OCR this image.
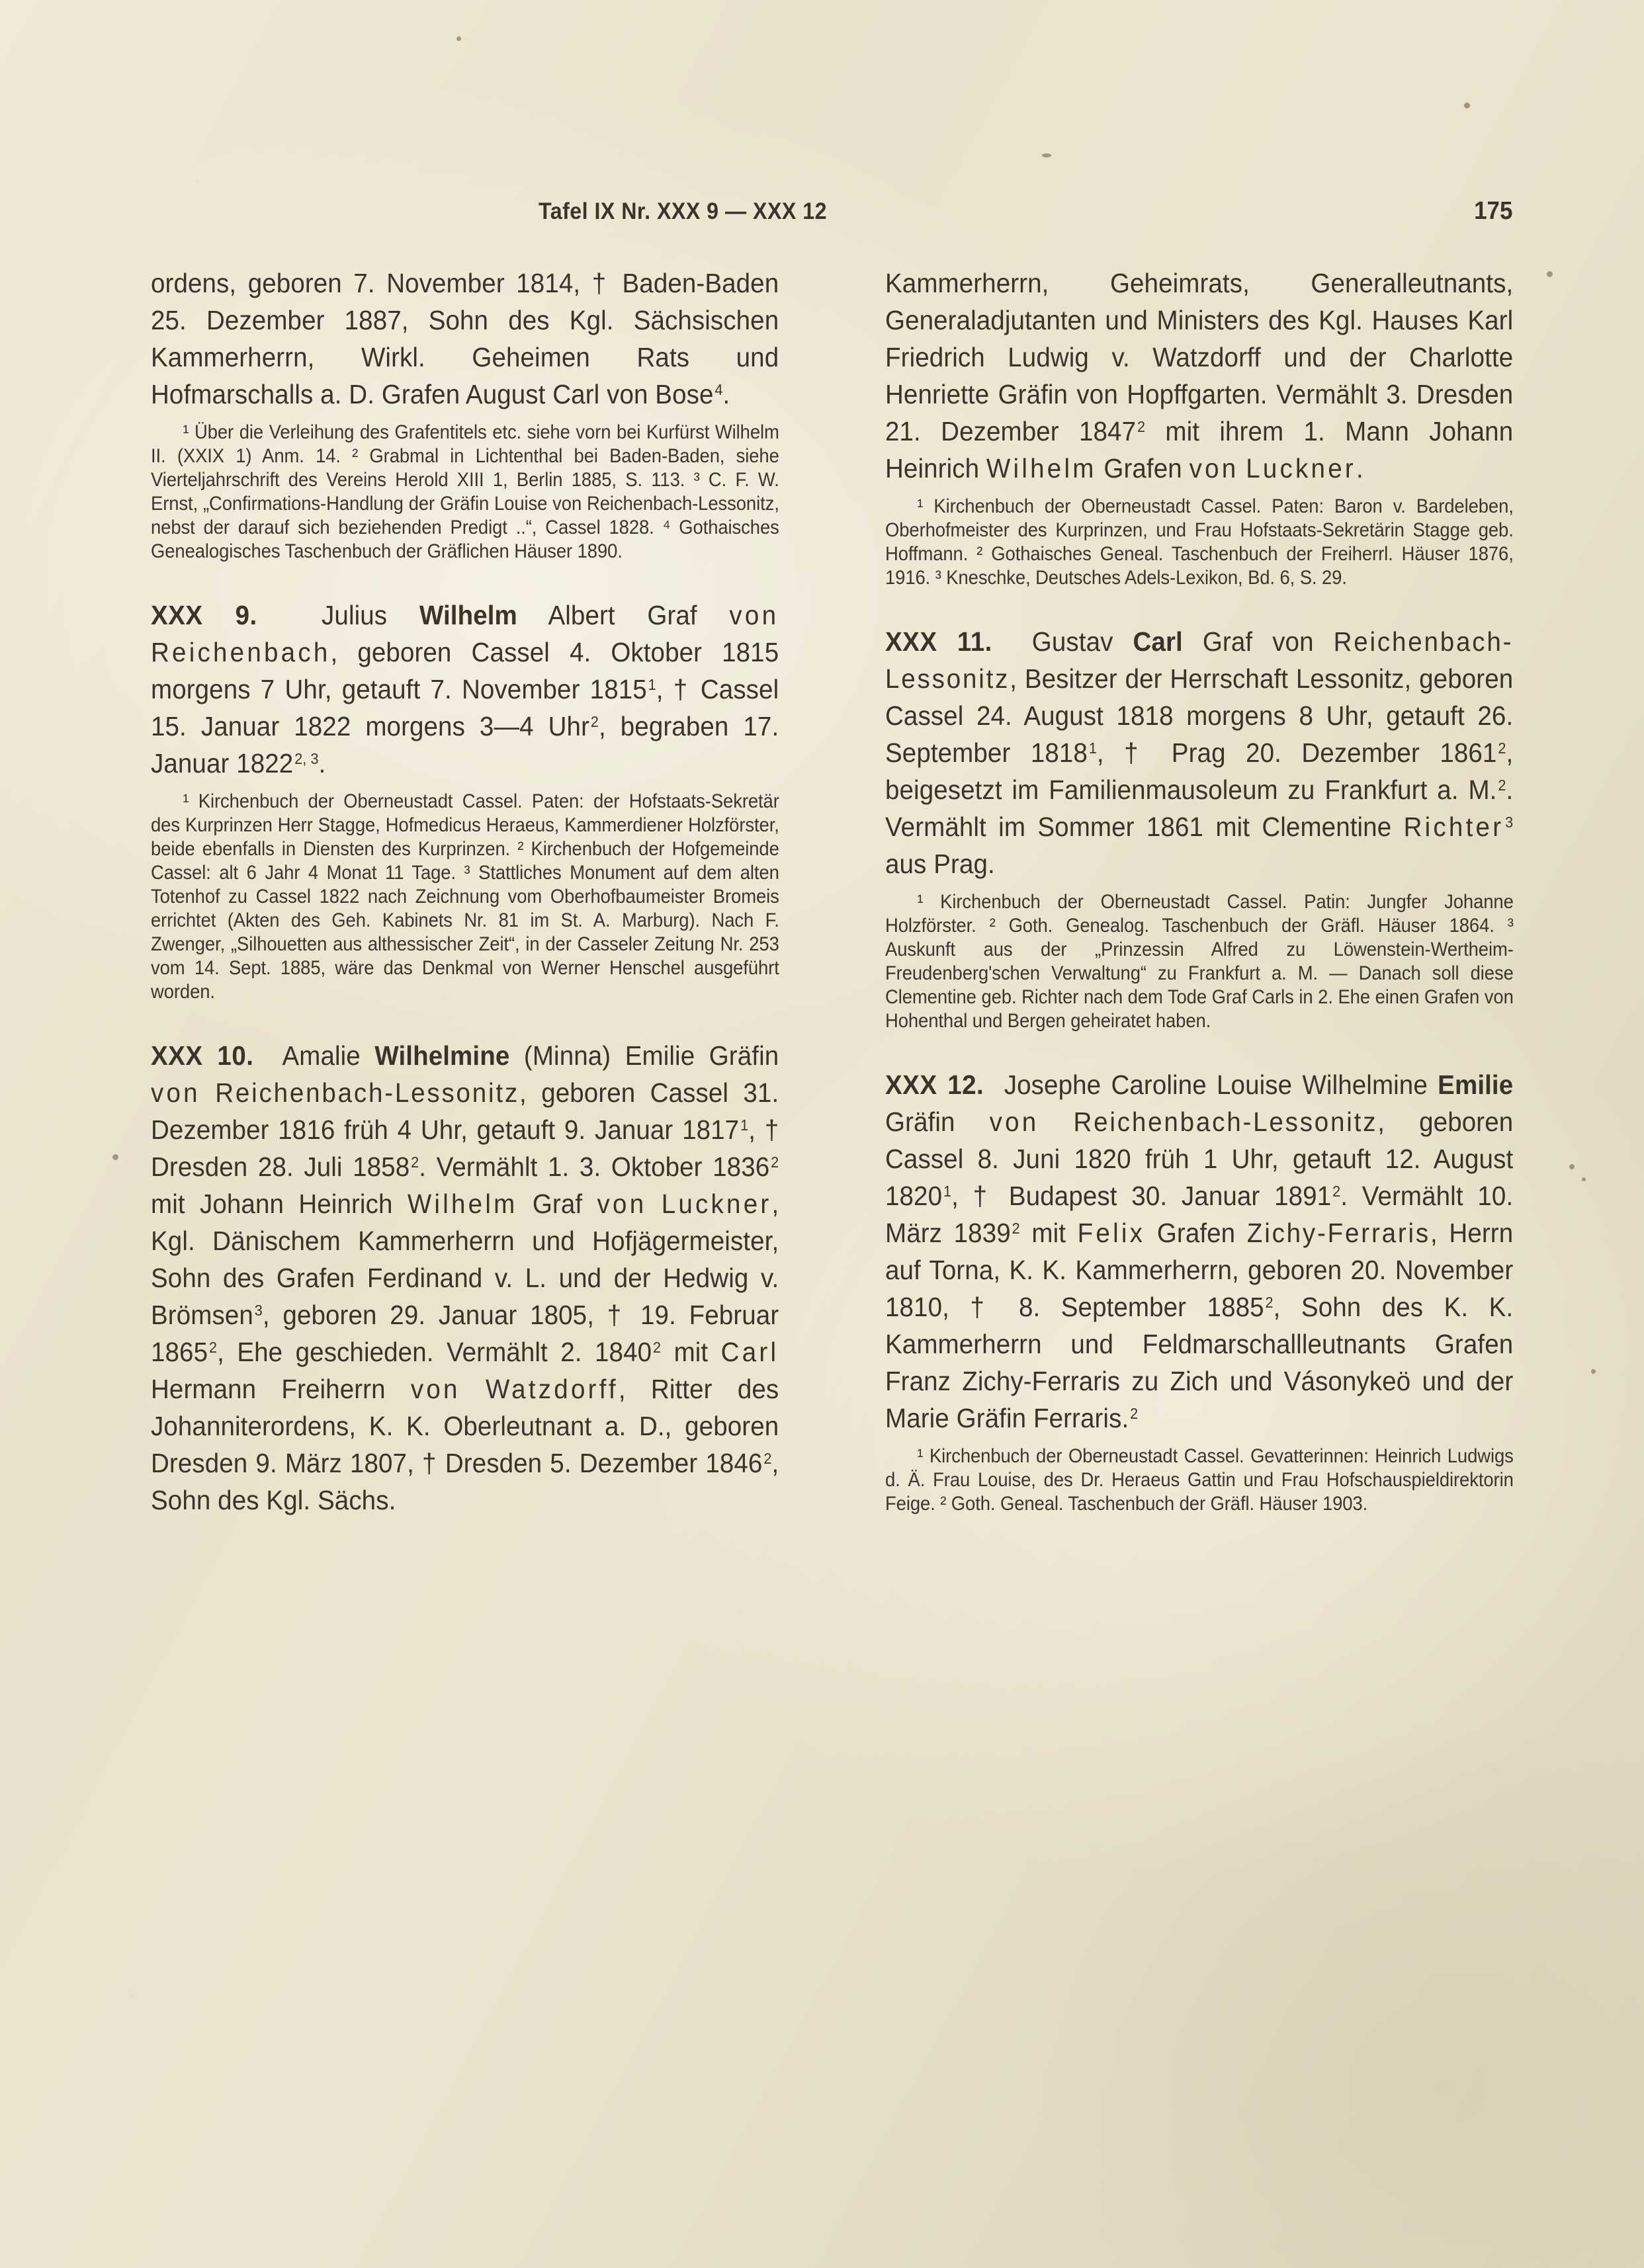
Tafel IX Nr. XXX 9 — XXX 12	175

ordens, geboren 7. November 1814, † Baden-Baden 25. Dezember 1887, Sohn des Kgl. Sächsischen Kammerherrn, Wirkl. Geheimen Rats und Hofmarschalls a. D. Grafen August Carl von Bose$^4$.

¹ Über die Verleihung des Grafentitels etc. siehe vorn bei Kurfürst Wilhelm II. (XXIX 1) Anm. 14. ² Grabmal in Lichtenthal bei Baden-Baden, siehe Vierteljahrschrift des Vereins Herold XIII 1, Berlin 1885, S. 113. ³ C. F. W. Ernst, „Confirmations-Handlung der Gräfin Louise von Reichenbach-Lessonitz, nebst der darauf sich beziehenden Predigt ..“, Cassel 1828. ⁴ Gothaisches Genealogisches Taschenbuch der Gräflichen Häuser 1890.

XXX 9. Julius Wilhelm Albert Graf von Reichenbach, geboren Cassel 4. Oktober 1815 morgens 7 Uhr, getauft 7. November 1815$^1$, † Cassel 15. Januar 1822 morgens 3—4 Uhr$^2$, begraben 17. Januar 1822$^{2, 3}$.

¹ Kirchenbuch der Oberneustadt Cassel. Paten: der Hofstaats-Sekretär des Kurprinzen Herr Stagge, Hofmedicus Heraeus, Kammerdiener Holzförster, beide ebenfalls in Diensten des Kurprinzen. ² Kirchenbuch der Hofgemeinde Cassel: alt 6 Jahr 4 Monat 11 Tage. ³ Stattliches Monument auf dem alten Totenhof zu Cassel 1822 nach Zeichnung vom Oberhofbaumeister Bromeis errichtet (Akten des Geh. Kabinets Nr. 81 im St. A. Marburg). Nach F. Zwenger, „Silhouetten aus althessischer Zeit“, in der Casseler Zeitung Nr. 253 vom 14. Sept. 1885, wäre das Denkmal von Werner Henschel ausgeführt worden.

XXX 10. Amalie Wilhelmine (Minna) Emilie Gräfin von Reichenbach-Lessonitz, geboren Cassel 31. Dezember 1816 früh 4 Uhr, getauft 9. Januar 1817$^1$, † Dresden 28. Juli 1858$^2$. Vermählt 1. 3. Oktober 1836$^2$ mit Johann Heinrich Wilhelm Graf von Luckner, Kgl. Dänischem Kammerherrn und Hofjägermeister, Sohn des Grafen Ferdinand v. L. und der Hedwig v. Brömsen$^3$, geboren 29. Januar 1805, † 19. Februar 1865$^2$, Ehe geschieden. Vermählt 2. 1840$^2$ mit Carl Hermann Freiherrn von Watzdorff, Ritter des Johanniterordens, K. K. Oberleutnant a. D., geboren Dresden 9. März 1807, † Dresden 5. Dezember 1846$^2$, Sohn des Kgl. Sächs.

Kammerherrn, Geheimrats, Generalleutnants, Generaladjutanten und Ministers des Kgl. Hauses Karl Friedrich Ludwig v. Watzdorff und der Charlotte Henriette Gräfin von Hopffgarten. Vermählt 3. Dresden 21. Dezember 1847$^2$ mit ihrem 1. Mann Johann Heinrich Wilhelm Grafen von Luckner.

¹ Kirchenbuch der Oberneustadt Cassel. Paten: Baron v. Bardeleben, Oberhofmeister des Kurprinzen, und Frau Hofstaats-Sekretärin Stagge geb. Hoffmann. ² Gothaisches Geneal. Taschenbuch der Freiherrl. Häuser 1876, 1916. ³ Kneschke, Deutsches Adels-Lexikon, Bd. 6, S. 29.

XXX 11. Gustav Carl Graf von Reichenbach-Lessonitz, Besitzer der Herrschaft Lessonitz, geboren Cassel 24. August 1818 morgens 8 Uhr, getauft 26. September 1818$^1$, † Prag 20. Dezember 1861$^2$, beigesetzt im Familienmausoleum zu Frankfurt a. M.$^2$. Vermählt im Sommer 1861 mit Clementine Richter$^3$ aus Prag.

¹ Kirchenbuch der Oberneustadt Cassel. Patin: Jungfer Johanne Holzförster. ² Goth. Genealog. Taschenbuch der Gräfl. Häuser 1864. ³ Auskunft aus der „Prinzessin Alfred zu Löwenstein-Wertheim-Freudenberg'schen Verwaltung“ zu Frankfurt a. M. — Danach soll diese Clementine geb. Richter nach dem Tode Graf Carls in 2. Ehe einen Grafen von Hohenthal und Bergen geheiratet haben.

XXX 12. Josephe Caroline Louise Wilhelmine Emilie Gräfin von Reichenbach-Lessonitz, geboren Cassel 8. Juni 1820 früh 1 Uhr, getauft 12. August 1820$^1$, † Budapest 30. Januar 1891$^2$. Vermählt 10. März 1839$^2$ mit Felix Grafen Zichy-Ferraris, Herrn auf Torna, K. K. Kammerherrn, geboren 20. November 1810, † 8. September 1885$^2$, Sohn des K. K. Kammerherrn und Feldmarschallleutnants Grafen Franz Zichy-Ferraris zu Zich und Vásonykeö und der Marie Gräfin Ferraris.$^2$

¹ Kirchenbuch der Oberneustadt Cassel. Gevatterinnen: Heinrich Ludwigs d. Ä. Frau Louise, des Dr. Heraeus Gattin und Frau Hofschauspieldirektorin Feige. ² Goth. Geneal. Taschenbuch der Gräfl. Häuser 1903.
